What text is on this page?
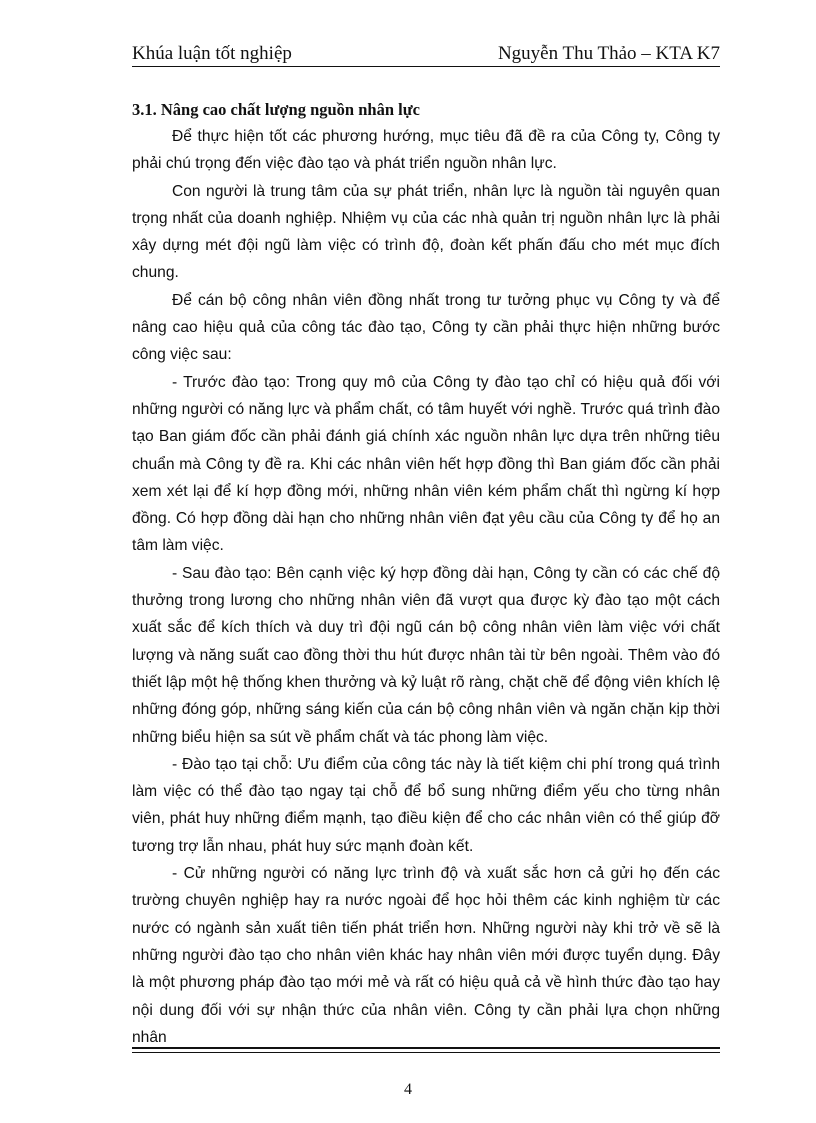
Khúa luận tốt nghiệp	Nguyễn Thu Thảo – KTA K7
3.1. Nâng cao chất lượng nguồn nhân lực

Để thực hiện tốt các phương hướng, mục tiêu đã đề ra của Công ty, Công ty phải chú trọng đến việc đào tạo và phát triển nguồn nhân lực.

Con người là trung tâm của sự phát triển, nhân lực là nguồn tài nguyên quan trọng nhất của doanh nghiệp. Nhiệm vụ của các nhà quản trị nguồn nhân lực là phải xây dựng mét đội ngũ làm việc có trình độ, đoàn kết phấn đấu cho mét mục đích chung.

Để cán bộ công nhân viên đồng nhất trong tư tưởng phục vụ Công ty và để nâng cao hiệu quả của công tác đào tạo, Công ty cần phải thực hiện những bước công việc sau:

- Trước đào tạo: Trong quy mô của Công ty đào tạo chỉ có hiệu quả đối với những người có năng lực và phẩm chất, có tâm huyết với nghề. Trước quá trình đào tạo Ban giám đốc cần phải đánh giá chính xác nguồn nhân lực dựa trên những tiêu chuẩn mà Công ty đề ra. Khi các nhân viên hết hợp đồng thì Ban giám đốc cần phải xem xét lại để kí hợp đồng mới, những nhân viên kém phẩm chất thì ngừng kí hợp đồng. Có hợp đồng dài hạn cho những nhân viên đạt yêu cầu của Công ty để họ an tâm làm việc.

- Sau đào tạo: Bên cạnh việc ký hợp đồng dài hạn, Công ty cần có các chế độ thưởng trong lương cho những nhân viên đã vượt qua được kỳ đào tạo một cách xuất sắc để kích thích và duy trì đội ngũ cán bộ công nhân viên làm việc với chất lượng và năng suất cao đồng thời thu hút được nhân tài từ bên ngoài. Thêm vào đó thiết lập một hệ thống khen thưởng và kỷ luật rõ ràng, chặt chẽ để động viên khích lệ những đóng góp, những sáng kiến của cán bộ công nhân viên và ngăn chặn kịp thời những biểu hiện sa sút về phẩm chất và tác phong làm việc.

- Đào tạo tại chỗ: Ưu điểm của công tác này là tiết kiệm chi phí trong quá trình làm việc có thể đào tạo ngay tại chỗ để bổ sung những điểm yếu cho từng nhân viên, phát huy những điểm mạnh, tạo điều kiện để cho các nhân viên có thể giúp đỡ tương trợ lẫn nhau, phát huy sức mạnh đoàn kết.

- Cử những người có năng lực trình độ và xuất sắc hơn cả gửi họ đến các trường chuyên nghiệp hay ra nước ngoài để học hỏi thêm các kinh nghiệm từ các nước có ngành sản xuất tiên tiến phát triển hơn. Những người này khi trở về sẽ là những người đào tạo cho nhân viên khác hay nhân viên mới được tuyển dụng. Đây là một phương pháp đào tạo mới mẻ và rất có hiệu quả cả về hình thức đào tạo hay nội dung đối với sự nhận thức của nhân viên. Công ty cần phải lựa chọn những nhân

4
